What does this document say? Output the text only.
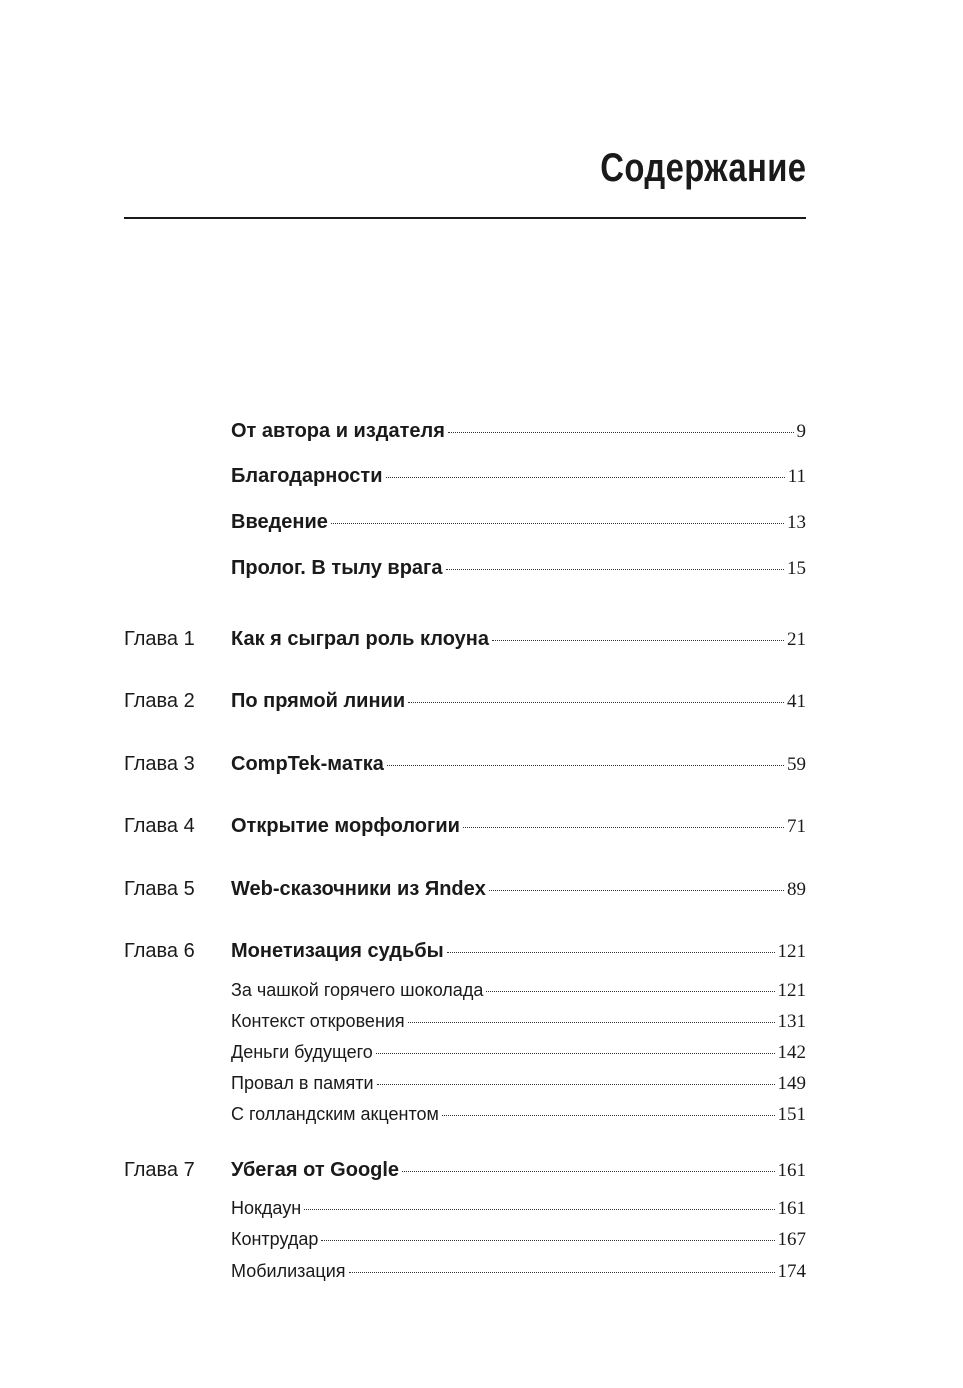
Содержание
От автора и издателя	9
Благодарности	11
Введение	13
Пролог. В тылу врага	15
Глава 1 Как я сыграл роль клоуна	21
Глава 2 По прямой линии	41
Глава 3 CompTek-матка	59
Глава 4 Открытие морфологии	71
Глава 5 Web-сказочники из Яndex	89
Глава 6 Монетизация судьбы	121
За чашкой горячего шоколада	121
Контекст откровения	131
Деньги будущего	142
Провал в памяти	149
С голландским акцентом	151
Глава 7 Убегая от Google	161
Нокдаун	161
Контрудар	167
Мобилизация	174
